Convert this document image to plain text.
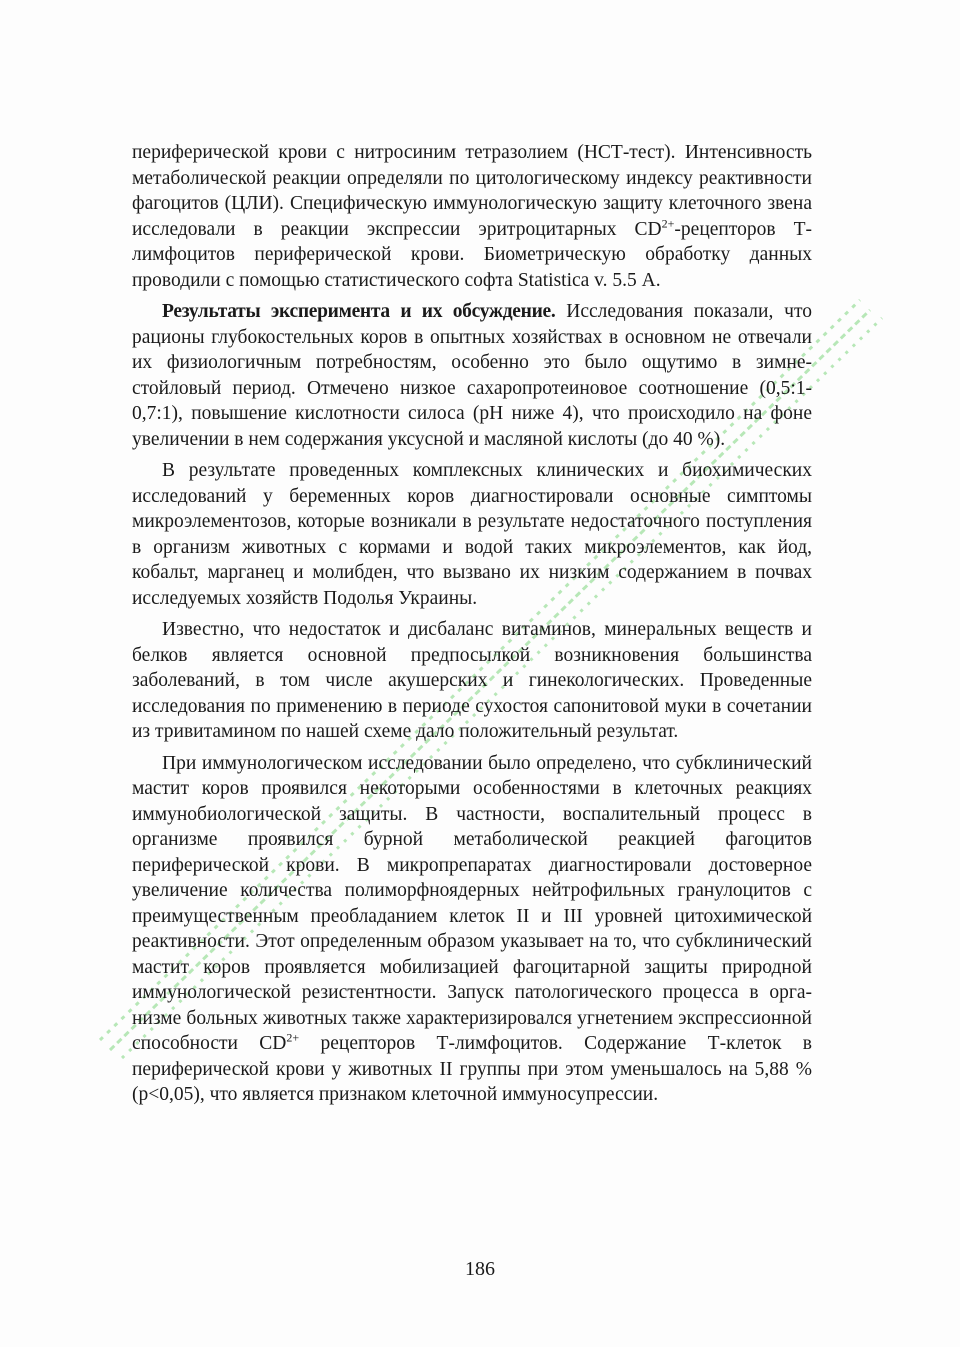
периферической крови с нитросиним тетразолием (НСТ-тест). Интенсивность метаболической реакции определяли по цитологическому индексу реактивности фагоцитов (ЦЛИ). Специфическую иммунологическую защиту клеточного звена исследовали в реакции экспрессии эритроцитарных $CD^{2+}$-рецепторов Т-лимфоцитов периферической крови. Биометрическую обработку данных проводили с помощью статистического софта Statistica v. 5.5 А.

Результаты эксперимента и их обсуждение. Исследования показали, что рационы глубокостельных коров в опытных хозяйствах в основном не отвечали их физиологичным потребностям, особенно это было ощутимо в зимне-стойловый период. Отмечено низкое сахаропротеиновое соотношение (0,5:1-0,7:1), повышение кислотности силоса (рН ниже 4), что происходило на фоне увеличении в нем содержания уксусной и масляной кислоты (до 40 %).

В результате проведенных комплексных клинических и биохимических исследований у беременных коров диагностировали основные симптомы микроэлементозов, которые возникали в результате недостаточного поступления в организм животных с кормами и водой таких микроэлементов, как йод, кобальт, марганец и молибден, что вызвано их низким содержанием в почвах исследуемых хозяйств Подолья Украины.

Известно, что недостаток и дисбаланс витаминов, минеральных веществ и белков является основной предпосылкой возникновения большинства заболеваний, в том числе акушерских и гинекологических. Проведенные исследования по применению в периоде сухостоя сапонитовой муки в сочетании из тривитамином по нашей схеме дало положительный результат.

При иммунологическом исследовании было определено, что субклинический мастит коров проявился некоторыми особенностями в клеточных реакциях иммунобиологической защиты. В частности, воспалительный процесс в организме проявился бурной метаболической реакцией фагоцитов периферической крови. В микропрепаратах диагностировали достоверное увеличение количества полиморфноядерных нейтрофильных гранулоцитов с преимущественным преобладанием клеток II и III уровней цитохимической реактивности. Этот определенным образом указывает на то, что субклинический мастит коров проявляется мобилизацией фагоцитарной защиты природной иммунологической резистентности. Запуск патологического процесса в организме больных животных также характеризировался угнетением экспрессионной способности $CD^{2+}$ рецепторов Т-лимфоцитов. Содержание Т-клеток в периферической крови у животных II группы при этом уменьшалось на 5,88 % (р<0,05), что является признаком клеточной иммуносупрессии.

186
